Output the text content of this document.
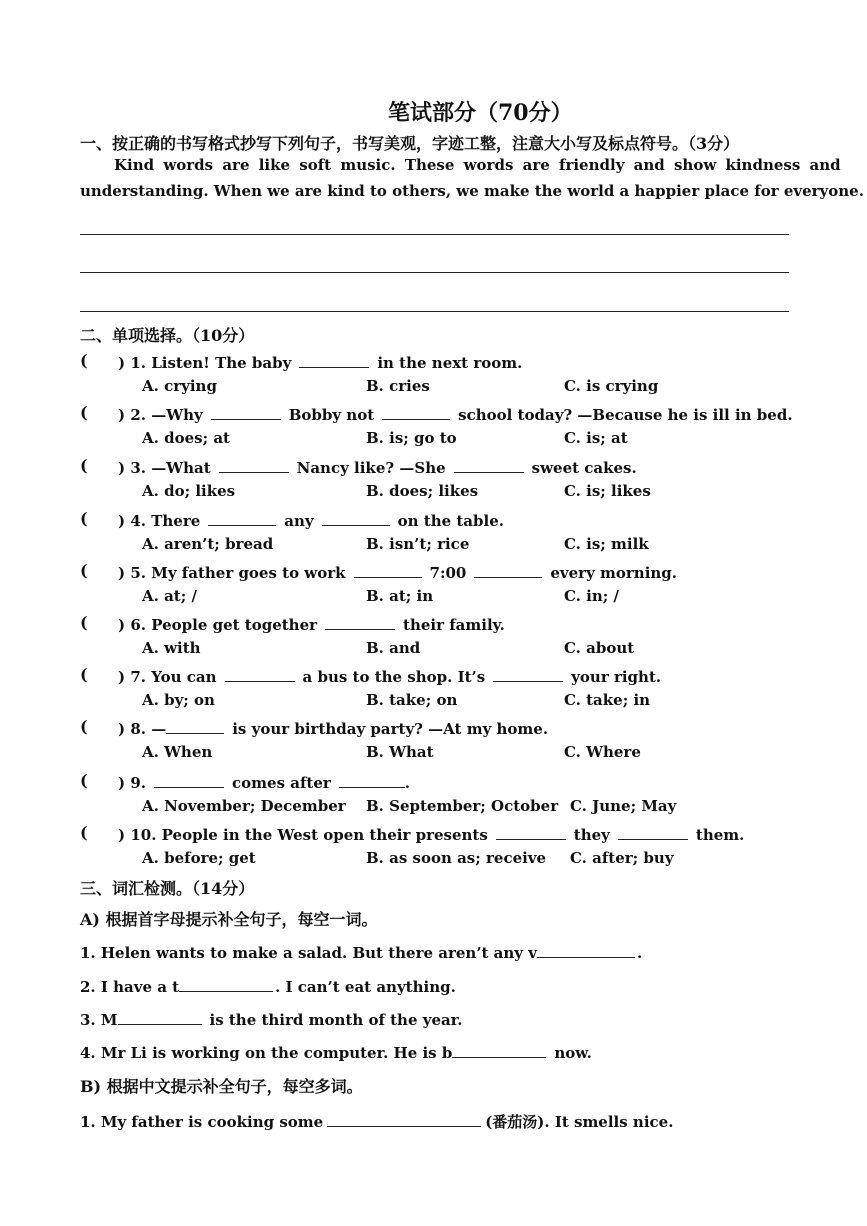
笔试部分（70分）
一、按正确的书写格式抄写下列句子，书写美观，字迹工整，注意大小写及标点符号。（3分）
Kind words are like soft music. These words are friendly and show kindness and
understanding. When we are kind to others, we make the world a happier place for everyone.
二、单项选择。（10分）
( ) 1. Listen! The baby	in the next room.
A. crying	B. cries	C. is crying
( ) 2. —Why	Bobby not	school today? —Because he is ill in bed.
A. does; at	B. is; go to	C. is; at
( ) 3. —What	Nancy like? —She	sweet cakes.
A. do; likes	B. does; likes	C. is; likes
( ) 4. There	any	on the table.
A. aren’t; bread	B. isn’t; rice	C. is; milk
( ) 5. My father goes to work	7:00	every morning.
A. at; /	B. at; in	C. in; /
( ) 6. People get together	their family.
A. with	B. and	C. about
( ) 7. You can	a bus to the shop. It’s	your right.
A. by; on	B. take; on	C. take; in
( ) 8. —	is your birthday party? —At my home.
A. When	B. What	C. Where
( ) 9.	comes after	.
A. November; December B. September; October C. June; May
( ) 10. People in the West open their presents	they	them.
A. before; get	B. as soon as; receive C. after; buy
三、词汇检测。（14分）
A) 根据首字母提示补全句子，每空一词。
1. Helen wants to make a salad. But there aren’t any v	.
2. I have a t	. I can’t eat anything.
3. M	is the third month of the year.
4. Mr Li is working on the computer. He is b	now.
B) 根据中文提示补全句子，每空多词。
1. My father is cooking some	(番茄汤). It smells nice.
